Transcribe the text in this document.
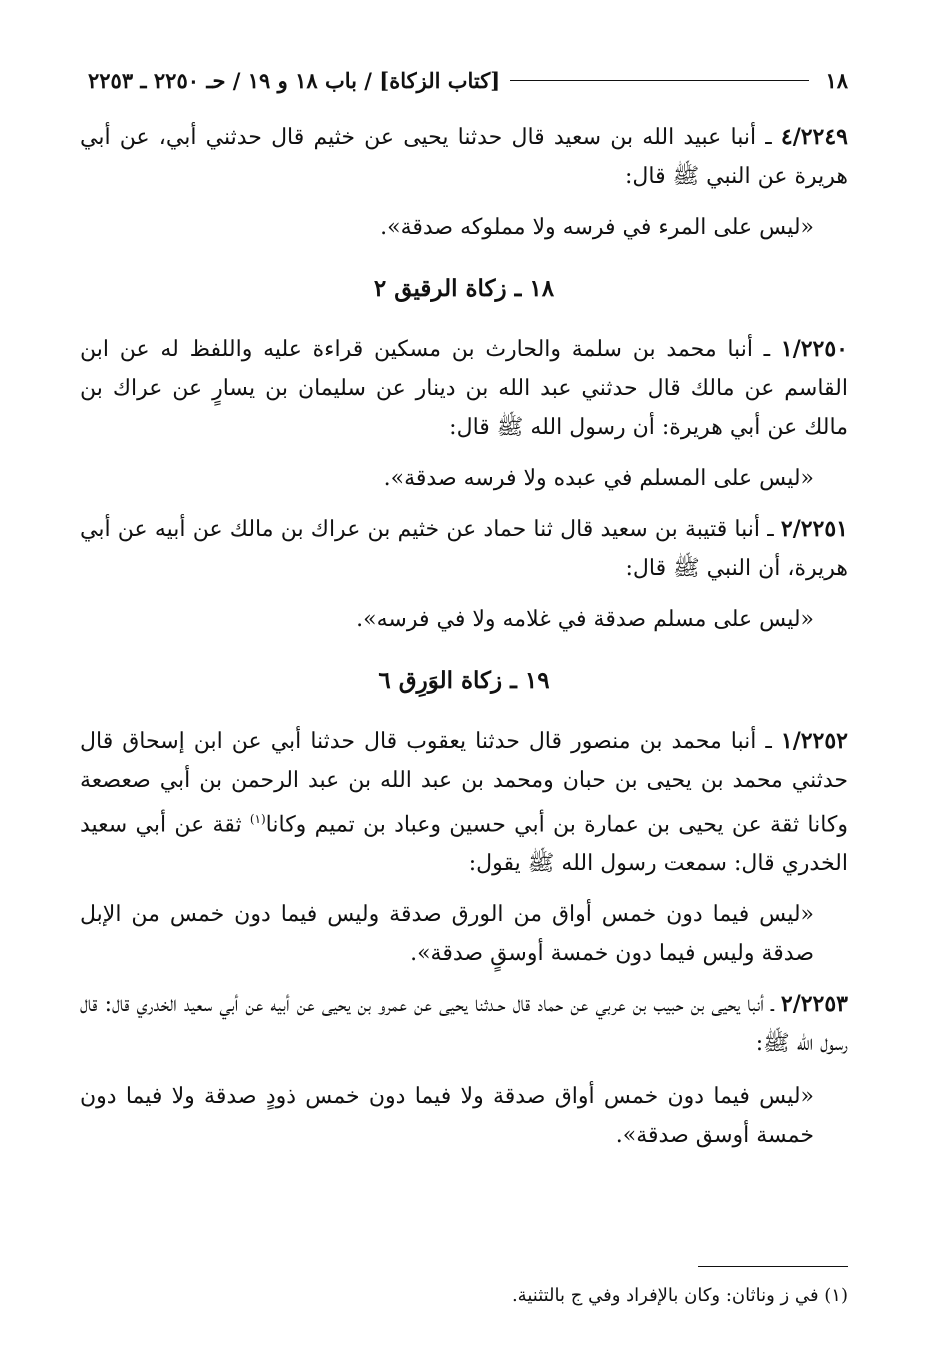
١٨
[كتاب الزكاة] / باب ١٨ و ١٩ / حـ ٢٢٥٠ ـ ٢٢٥٣

٤/٢٢٤٩ ـ أنبا عبيد الله بن سعيد قال حدثنا يحيى عن خثيم قال حدثني أبي، عن أبي هريرة عن النبي ﷺ قال:

«ليس على المرء في فرسه ولا مملوكه صدقة».

١٨ ـ زكاة الرقيق ٢

١/٢٢٥٠ ـ أنبا محمد بن سلمة والحارث بن مسكين قراءة عليه واللفظ له عن ابن القاسم عن مالك قال حدثني عبد الله بن دينار عن سليمان بن يسارٍ عن عراك بن مالك عن أبي هريرة: أن رسول الله ﷺ قال:

«ليس على المسلم في عبده ولا فرسه صدقة».

٢/٢٢٥١ ـ أنبا قتيبة بن سعيد قال ثنا حماد عن خثيم بن عراك بن مالك عن أبيه عن أبي هريرة، أن النبي ﷺ قال:

«ليس على مسلم صدقة في غلامه ولا في فرسه».

١٩ ـ زكاة الوَرِق ٦

١/٢٢٥٢ ـ أنبا محمد بن منصور قال حدثنا يعقوب قال حدثنا أبي عن ابن إسحاق قال حدثني محمد بن يحيى بن حبان ومحمد بن عبد الله بن عبد الرحمن بن أبي صعصعة وكانا ثقة عن يحيى بن عمارة بن أبي حسين وعباد بن تميم وكانا$^{(١)}$ ثقة عن أبي سعيد الخدري قال: سمعت رسول الله ﷺ يقول:

«ليس فيما دون خمس أواق من الورق صدقة وليس فيما دون خمس من الإبل صدقة وليس فيما دون خمسة أوسقٍ صدقة».

٢/٢٢٥٣ ـ أنبا يحيى بن حبيب بن عربي عن حماد قال حـدثنا يحيى عن عمرو بن يحيى عن أبيه عن أبي سعيد الخدري قال: قال رسول الله ﷺ:

«ليس فيما دون خمس أواق صدقة ولا فيما دون خمس ذودٍ صدقة ولا فيما دون خمسة أوسق صدقة».

(١) في ز وناثان: وكان بالإفراد وفي ج بالتثنية.
